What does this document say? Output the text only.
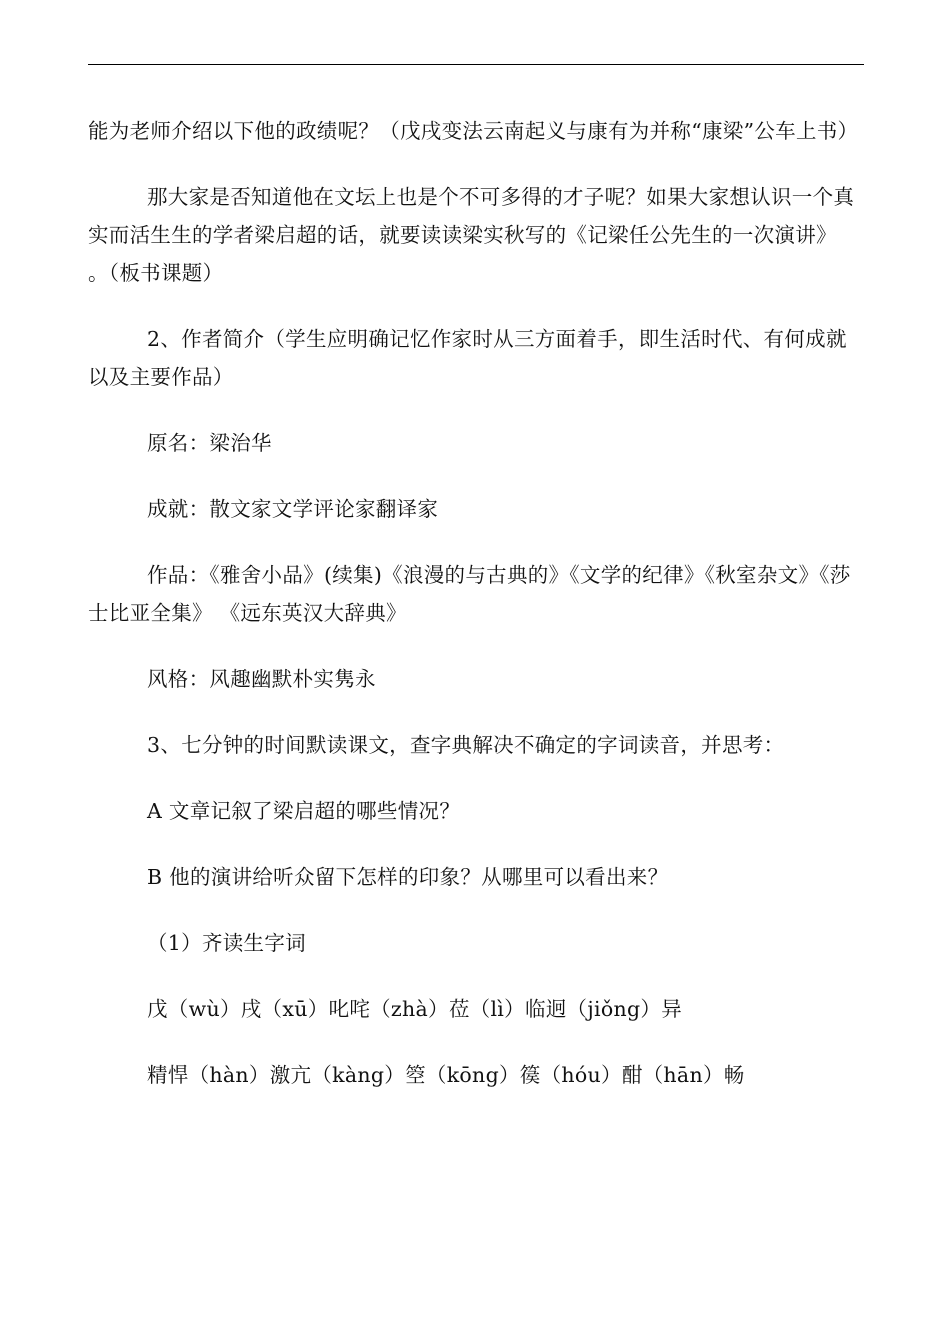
能为老师介绍以下他的政绩呢？（戊戌变法云南起义与康有为并称“康梁”公车上书）

那大家是否知道他在文坛上也是个不可多得的才子呢？如果大家想认识一个真实而活生生的学者梁启超的话，就要读读梁实秋写的《记梁任公先生的一次演讲》 。（板书课题）

2、作者简介（学生应明确记忆作家时从三方面着手，即生活时代、有何成就以及主要作品）

原名：梁治华

成就：散文家文学评论家翻译家

作品：《雅舍小品》(续集)《浪漫的与古典的》《文学的纪律》《秋室杂文》《莎士比亚全集》 《远东英汉大辞典》

风格：风趣幽默朴实隽永

3、七分钟的时间默读课文，查字典解决不确定的字词读音，并思考：

A 文章记叙了梁启超的哪些情况？

B 他的演讲给听众留下怎样的印象？从哪里可以看出来？

（1）齐读生字词

戊（wù）戌（xū）叱咤（zhà）莅（lì）临迥（jiǒng）异

精悍（hàn）激亢（kàng）箜（kōng）篌（hóu）酣（hān）畅
